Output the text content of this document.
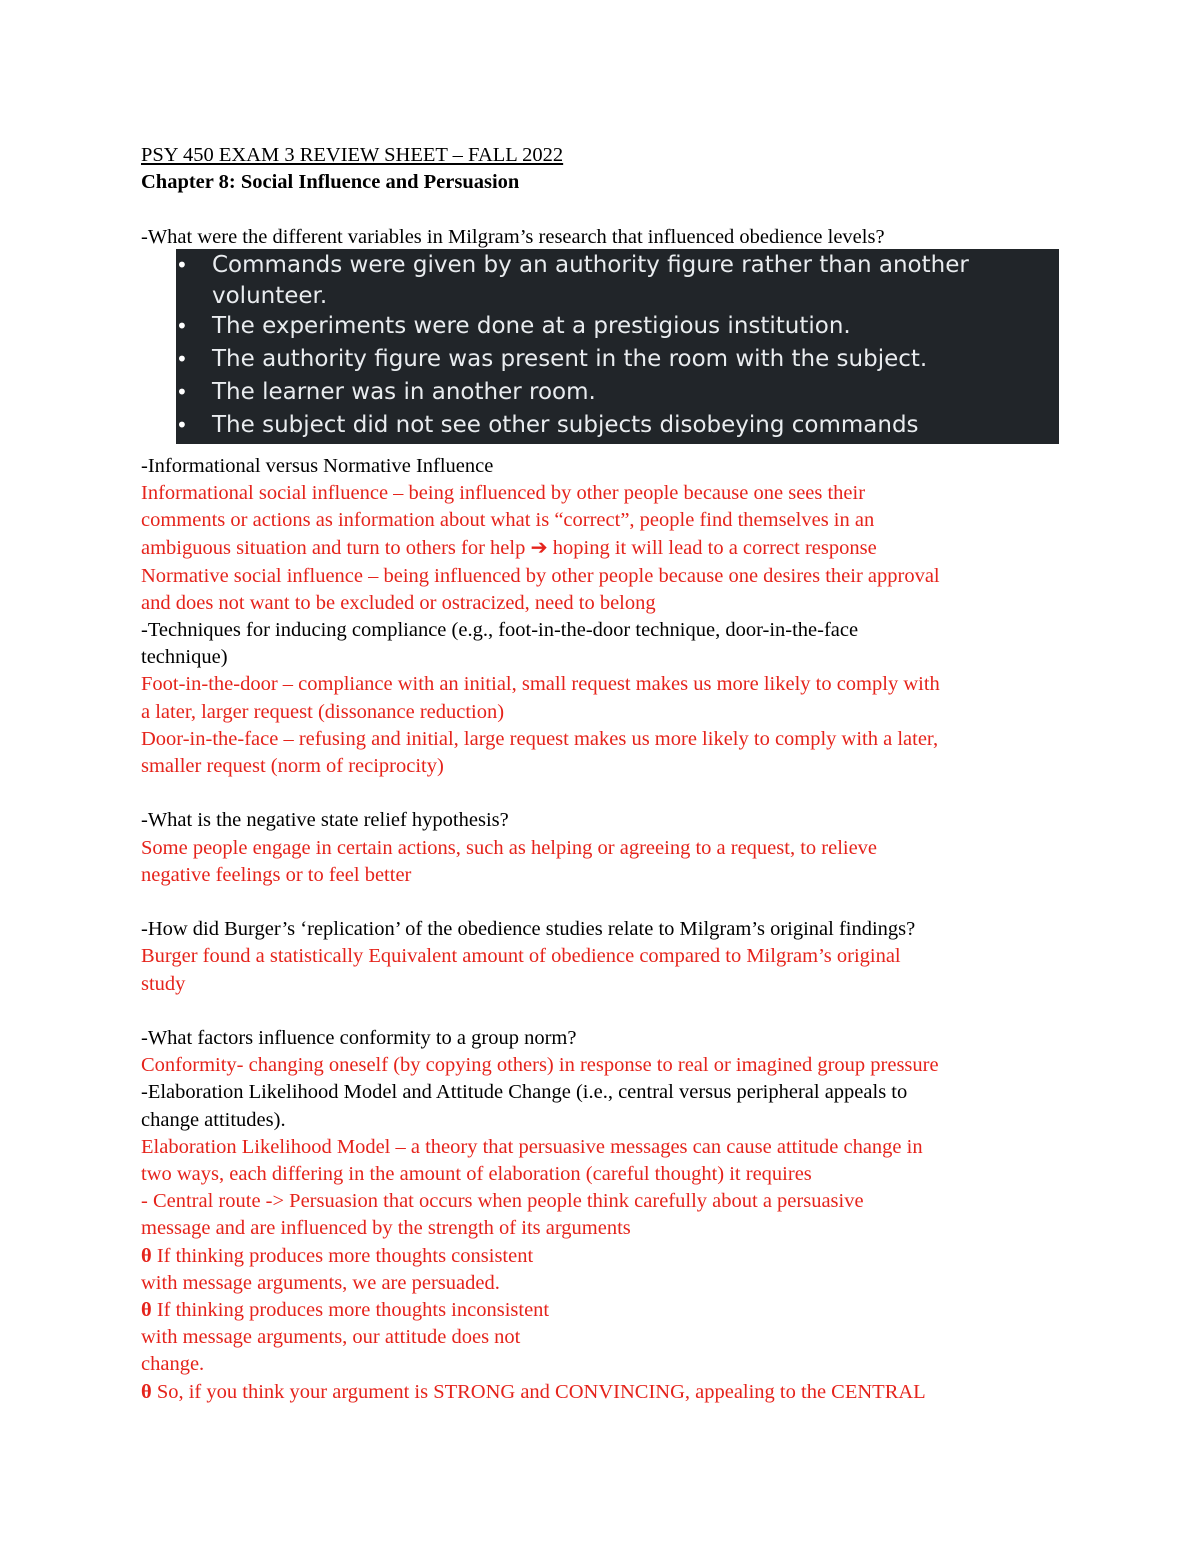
PSY 450 EXAM 3 REVIEW SHEET – FALL 2022
Chapter 8: Social Influence and Persuasion
-What were the different variables in Milgram’s research that influenced obedience levels?
• Commands were given by an authority figure rather than another
volunteer.
• The experiments were done at a prestigious institution.
• The authority figure was present in the room with the subject.
• The learner was in another room.
• The subject did not see other subjects disobeying commands
-Informational versus Normative Influence
Informational social influence – being influenced by other people because one sees their
comments or actions as information about what is “correct”, people find themselves in an
ambiguous situation and turn to others for help ➔ hoping it will lead to a correct response
Normative social influence – being influenced by other people because one desires their approval
and does not want to be excluded or ostracized, need to belong
-Techniques for inducing compliance (e.g., foot-in-the-door technique, door-in-the-face
technique)
Foot-in-the-door – compliance with an initial, small request makes us more likely to comply with
a later, larger request (dissonance reduction)
Door-in-the-face – refusing and initial, large request makes us more likely to comply with a later,
smaller request (norm of reciprocity)
-What is the negative state relief hypothesis?
Some people engage in certain actions, such as helping or agreeing to a request, to relieve
negative feelings or to feel better
-How did Burger’s ‘replication’ of the obedience studies relate to Milgram’s original findings?
Burger found a statistically Equivalent amount of obedience compared to Milgram’s original
study
-What factors influence conformity to a group norm?
Conformity- changing oneself (by copying others) in response to real or imagined group pressure
-Elaboration Likelihood Model and Attitude Change (i.e., central versus peripheral appeals to
change attitudes).
Elaboration Likelihood Model – a theory that persuasive messages can cause attitude change in
two ways, each differing in the amount of elaboration (careful thought) it requires
- Central route -> Persuasion that occurs when people think carefully about a persuasive
message and are influenced by the strength of its arguments
θ If thinking produces more thoughts consistent
with message arguments, we are persuaded.
θ If thinking produces more thoughts inconsistent
with message arguments, our attitude does not
change.
θ So, if you think your argument is STRONG and CONVINCING, appealing to the CENTRAL
